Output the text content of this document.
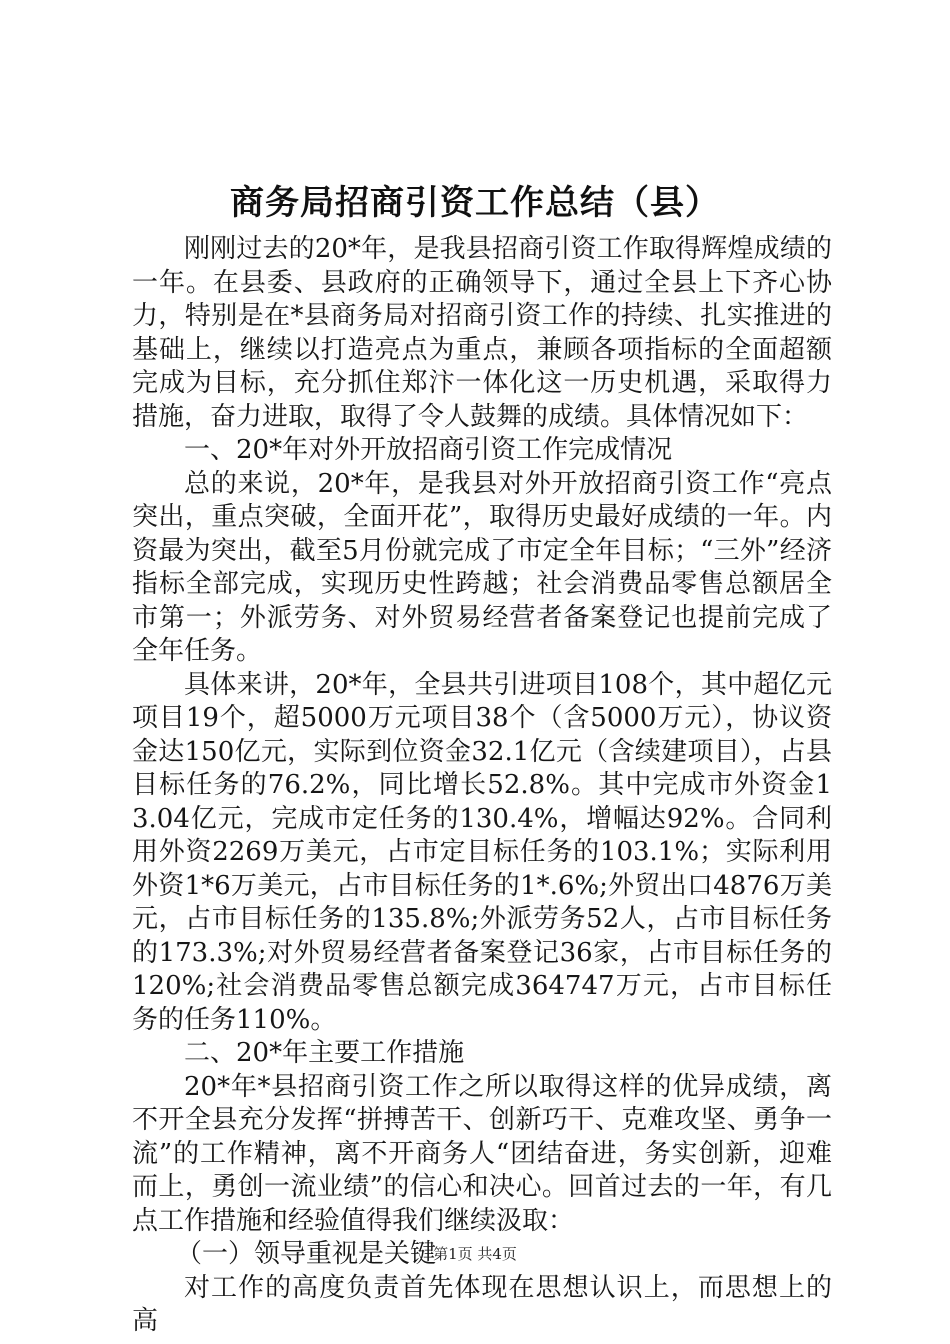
商务局招商引资工作总结（县）

刚刚过去的20*年，是我县招商引资工作取得辉煌成绩的一年。在县委、县政府的正确领导下，通过全县上下齐心协力，特别是在*县商务局对招商引资工作的持续、扎实推进的基础上，继续以打造亮点为重点，兼顾各项指标的全面超额完成为目标，充分抓住郑汴一体化这一历史机遇，采取得力措施，奋力进取，取得了令人鼓舞的成绩。具体情况如下：

一、20*年对外开放招商引资工作完成情况

总的来说，20*年，是我县对外开放招商引资工作“亮点突出，重点突破，全面开花”，取得历史最好成绩的一年。内资最为突出，截至5月份就完成了市定全年目标；“三外”经济指标全部完成，实现历史性跨越；社会消费品零售总额居全市第一；外派劳务、对外贸易经营者备案登记也提前完成了全年任务。

具体来讲，20*年，全县共引进项目108个，其中超亿元项目19个，超5000万元项目38个（含5000万元），协议资金达150亿元，实际到位资金32.1亿元（含续建项目），占县目标任务的76.2%，同比增长52.8%。其中完成市外资金13.04亿元，完成市定任务的130.4%，增幅达92%。合同利用外资2269万美元，占市定目标任务的103.1%；实际利用外资1*6万美元，占市目标任务的1*.6%;外贸出口4876万美元，占市目标任务的135.8%;外派劳务52人，占市目标任务的173.3%;对外贸易经营者备案登记36家，占市目标任务的120%;社会消费品零售总额完成364747万元，占市目标任务的任务110%。

二、20*年主要工作措施

20*年*县招商引资工作之所以取得这样的优异成绩，离不开全县充分发挥“拼搏苦干、创新巧干、克难攻坚、勇争一流”的工作精神，离不开商务人“团结奋进，务实创新，迎难而上，勇创一流业绩”的信心和决心。回首过去的一年，有几点工作措施和经验值得我们继续汲取：

（一）领导重视是关键

对工作的高度负责首先体现在思想认识上，而思想上的高

第1页 共4页
